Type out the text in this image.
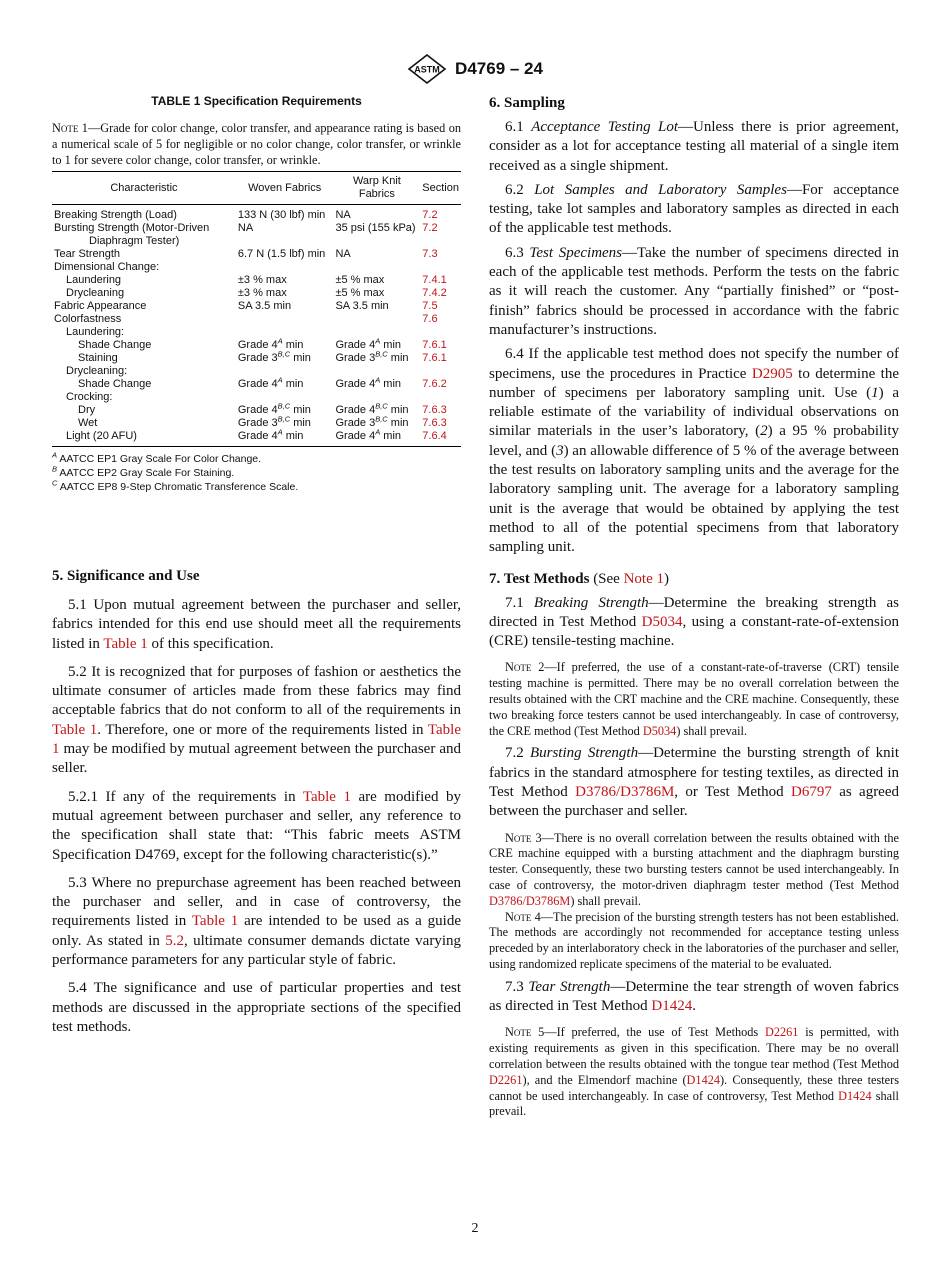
ASTM D4769 – 24
TABLE 1 Specification Requirements

Note 1—Grade for color change, color transfer, and appearance rating is based on a numerical scale of 5 for negligible or no color change, color transfer, or wrinkle to 1 for severe color change, color transfer, or wrinkle.

Characteristic	Woven Fabrics	Warp Knit Fabrics	Section
Breaking Strength (Load)	133 N (30 lbf) min	NA	7.2

Bursting Strength (Motor-Driven Diaphragm Tester)	NA	35 psi (155 kPa)	7.2
Tear Strength	6.7 N (1.5 lbf) min	NA	7.3
Dimensional Change:			
Laundering	±3 % max	±5 % max	7.4.1
Drycleaning	±3 % max	±5 % max	7.4.2
Fabric Appearance	SA 3.5 min	SA 3.5 min	7.5
Colorfastness			7.6
Laundering:			
Shade Change	Grade $4^A$ min	Grade $4^A$ min	7.6.1
Staining	Grade $3^{B,C}$ min	Grade $3^{B,C}$ min	7.6.1
Drycleaning:			
Shade Change	Grade $4^A$ min	Grade $4^A$ min	7.6.2
Crocking:			
Dry	Grade $4^{B,C}$ min	Grade $4^{B,C}$ min	7.6.3
Wet	Grade $3^{B,C}$ min	Grade $3^{B,C}$ min	7.6.3
Light (20 AFU)	Grade $4^A$ min	Grade $4^A$ min	7.6.4
$^A$ AATCC EP1 Gray Scale For Color Change.
$^B$ AATCC EP2 Gray Scale For Staining.
$^C$ AATCC EP8 9-Step Chromatic Transference Scale.
5. Significance and Use

5.1 Upon mutual agreement between the purchaser and seller, fabrics intended for this end use should meet all the requirements listed in Table 1 of this specification.

5.2 It is recognized that for purposes of fashion or aesthetics the ultimate consumer of articles made from these fabrics may find acceptable fabrics that do not conform to all of the requirements in Table 1. Therefore, one or more of the requirements listed in Table 1 may be modified by mutual agreement between the purchaser and seller.

5.2.1 If any of the requirements in Table 1 are modified by mutual agreement between purchaser and seller, any reference to the specification shall state that: “This fabric meets ASTM Specification D4769, except for the following characteristic(s).”

5.3 Where no prepurchase agreement has been reached between the purchaser and seller, and in case of controversy, the requirements listed in Table 1 are intended to be used as a guide only. As stated in 5.2, ultimate consumer demands dictate varying performance parameters for any particular style of fabric.

5.4 The significance and use of particular properties and test methods are discussed in the appropriate sections of the specified test methods.

6. Sampling

6.1 Acceptance Testing Lot—Unless there is prior agreement, consider as a lot for acceptance testing all material of a single item received as a single shipment.

6.2 Lot Samples and Laboratory Samples—For acceptance testing, take lot samples and laboratory samples as directed in each of the applicable test methods.

6.3 Test Specimens—Take the number of specimens directed in each of the applicable test methods. Perform the tests on the fabric as it will reach the customer. Any “partially finished” or “post-finish” fabrics should be processed in accordance with the fabric manufacturer’s instructions.

6.4 If the applicable test method does not specify the number of specimens, use the procedures in Practice D2905 to determine the number of specimens per laboratory sampling unit. Use (1) a reliable estimate of the variability of individual observations on similar materials in the user’s laboratory, (2) a 95 % probability level, and (3) an allowable difference of 5 % of the average between the test results on laboratory sampling units and the average for the laboratory sampling unit. The average for a laboratory sampling unit is the average that would be obtained by applying the test method to all of the potential specimens from that laboratory sampling unit.

7. Test Methods (See Note 1)

7.1 Breaking Strength—Determine the breaking strength as directed in Test Method D5034, using a constant-rate-of-extension (CRE) tensile-testing machine.

Note 2—If preferred, the use of a constant-rate-of-traverse (CRT) tensile testing machine is permitted. There may be no overall correlation between the results obtained with the CRT machine and the CRE machine. Consequently, these two breaking force testers cannot be used interchangeably. In case of controversy, the CRE method (Test Method D5034) shall prevail.

7.2 Bursting Strength—Determine the bursting strength of knit fabrics in the standard atmosphere for testing textiles, as directed in Test Method D3786/D3786M, or Test Method D6797 as agreed between the purchaser and seller.

Note 3—There is no overall correlation between the results obtained with the CRE machine equipped with a bursting attachment and the diaphragm bursting tester. Consequently, these two bursting testers cannot be used interchangeably. In case of controversy, the motor-driven diaphragm tester method (Test Method D3786/D3786M) shall prevail.

Note 4—The precision of the bursting strength testers has not been established. The methods are accordingly not recommended for acceptance testing unless preceded by an interlaboratory check in the laboratories of the purchaser and seller, using randomized replicate specimens of the material to be evaluated.

7.3 Tear Strength—Determine the tear strength of woven fabrics as directed in Test Method D1424.

Note 5—If preferred, the use of Test Methods D2261 is permitted, with existing requirements as given in this specification. There may be no overall correlation between the results obtained with the tongue tear method (Test Method D2261), and the Elmendorf machine (D1424). Consequently, these three testers cannot be used interchangeably. In case of controversy, Test Method D1424 shall prevail.

2
